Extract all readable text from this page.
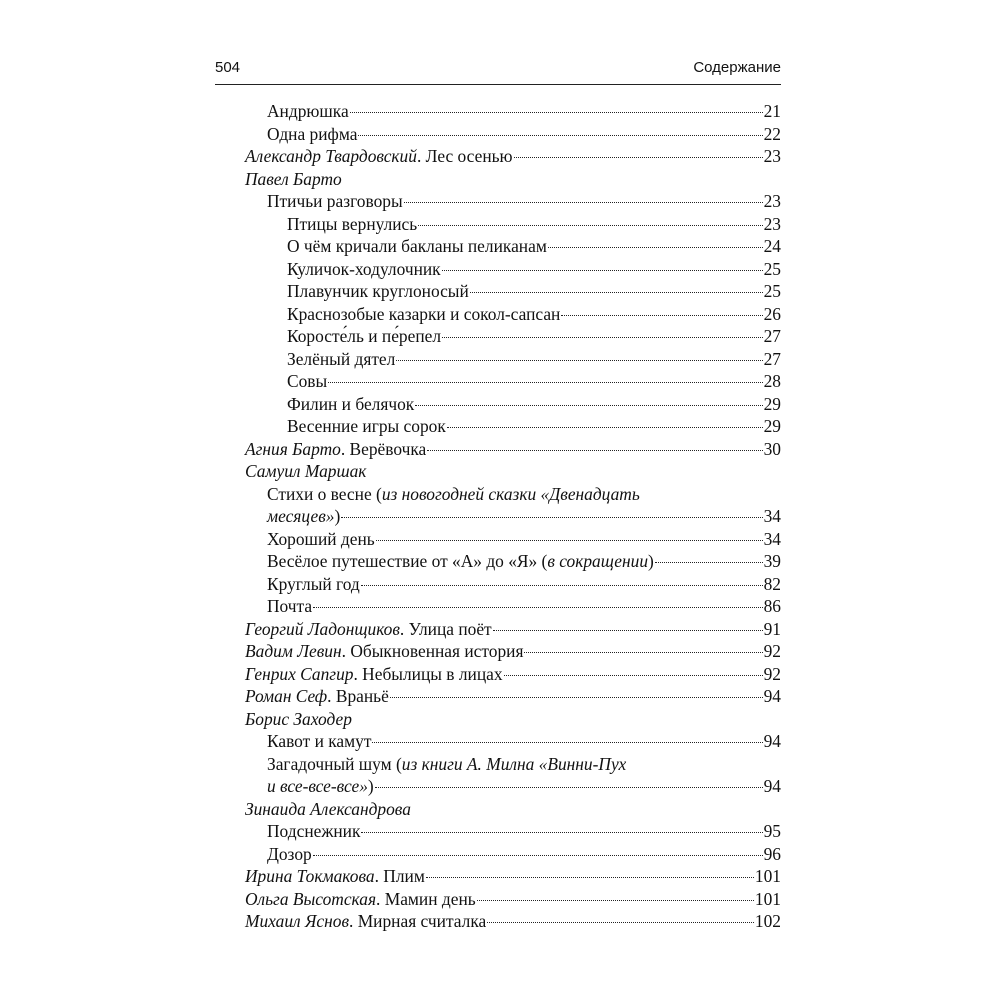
504	Содержание
Андрюшка	21
Одна рифма	22
Александр Твардовский. Лес осенью	23
Павел Барто
Птичьи разговоры	23
Птицы вернулись	23
О чём кричали бакланы пеликанам	24
Куличок-ходулочник	25
Плавунчик круглоносый	25
Краснозобые казарки и сокол-сапсан	26
Коросте́ль и пе́репел	27
Зелёный дятел	27
Совы	28
Филин и белячок	29
Весенние игры сорок	29
Агния Барто. Верёвочка	30
Самуил Маршак
Стихи о весне (из новогодней сказки «Двенадцать
месяцев»)	34
Хороший день	34
Весёлое путешествие от «А» до «Я» (в сокращении)	39
Круглый год	82
Почта	86
Георгий Ладонщиков. Улица поёт	91
Вадим Левин. Обыкновенная история	92
Генрих Сапгир. Небылицы в лицах	92
Роман Сеф. Враньё	94
Борис Заходер
Кавот и камут	94
Загадочный шум (из книги А. Милна «Винни-Пух
и все-все-все»)	94
Зинаида Александрова
Подснежник	95
Дозор	96
Ирина Токмакова. Плим	101
Ольга Высотская. Мамин день	101
Михаил Яснов. Мирная считалка	102
